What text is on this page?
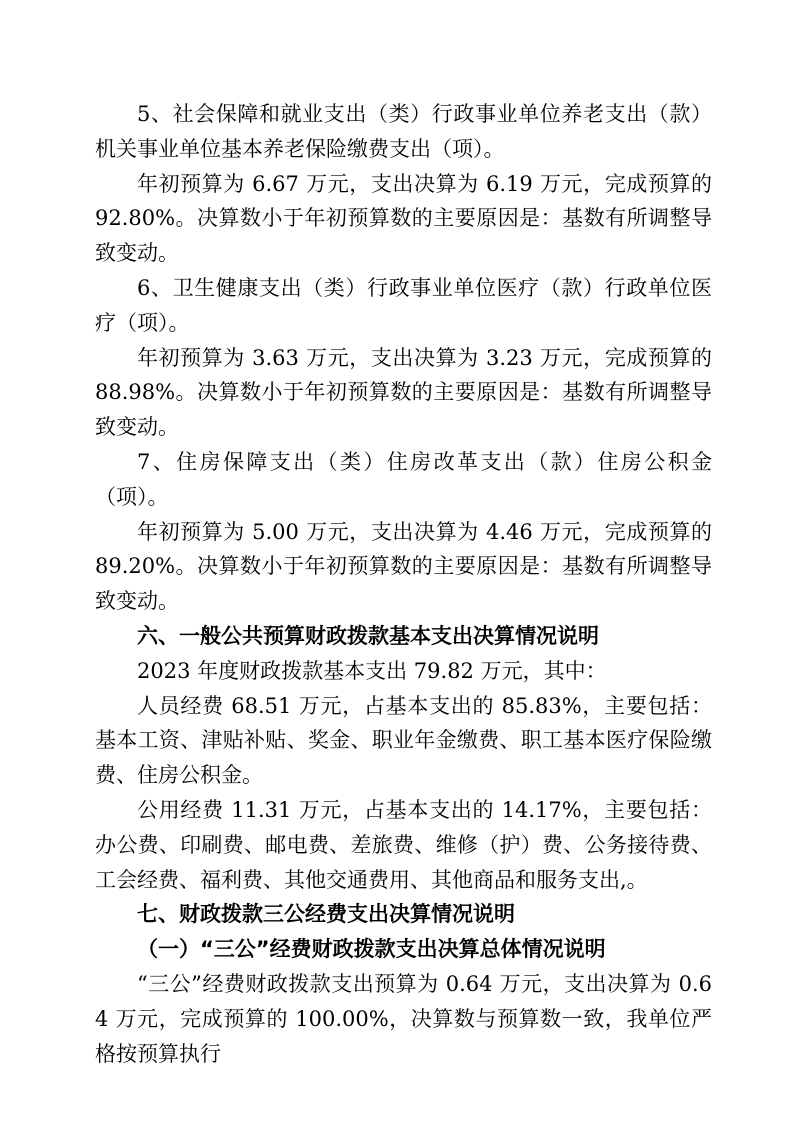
5、社会保障和就业支出（类）行政事业单位养老支出（款）机关事业单位基本养老保险缴费支出（项）。

年初预算为 6.67 万元，支出决算为 6.19 万元，完成预算的 92.80%。决算数小于年初预算数的主要原因是：基数有所调整导致变动。

6、卫生健康支出（类）行政事业单位医疗（款）行政单位医疗（项）。

年初预算为 3.63 万元，支出决算为 3.23 万元，完成预算的 88.98%。决算数小于年初预算数的主要原因是：基数有所调整导致变动。

7、住房保障支出（类）住房改革支出（款）住房公积金（项）。

年初预算为 5.00 万元，支出决算为 4.46 万元，完成预算的 89.20%。决算数小于年初预算数的主要原因是：基数有所调整导致变动。

六、一般公共预算财政拨款基本支出决算情况说明

2023 年度财政拨款基本支出 79.82 万元，其中：

人员经费 68.51 万元，占基本支出的 85.83%，主要包括：基本工资、津贴补贴、奖金、职业年金缴费、职工基本医疗保险缴费、住房公积金。

公用经费 11.31 万元，占基本支出的 14.17%，主要包括：办公费、印刷费、邮电费、差旅费、维修（护）费、公务接待费、工会经费、福利费、其他交通费用、其他商品和服务支出,。

七、财政拨款三公经费支出决算情况说明

（一）“三公”经费财政拨款支出决算总体情况说明

“三公”经费财政拨款支出预算为 0.64 万元，支出决算为 0.64 万元，完成预算的 100.00%，决算数与预算数一致，我单位严格按预算执行
